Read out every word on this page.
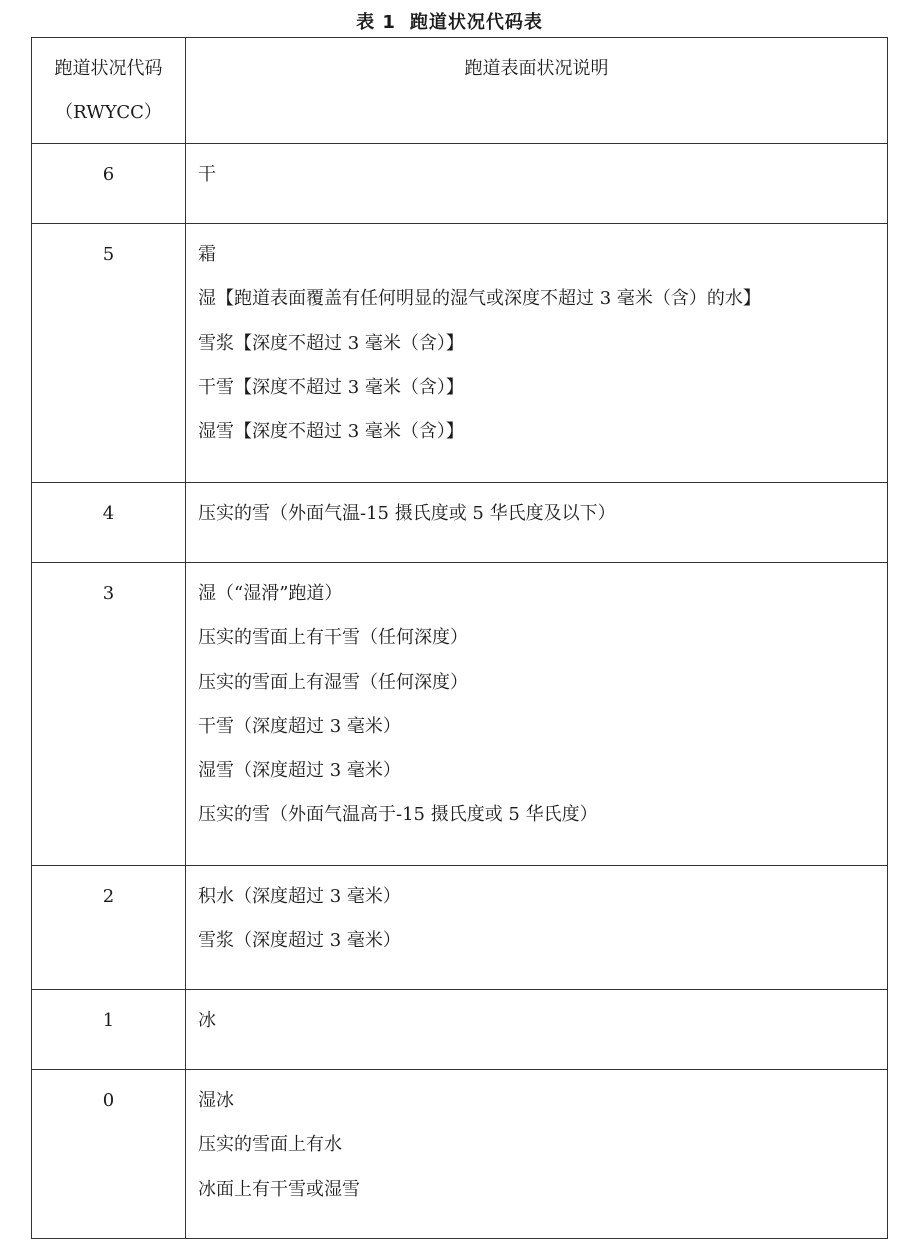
表 1 跑道状况代码表
跑道状况代码
（RWYCC）	跑道表面状况说明

6	干

5	霜
湿【跑道表面覆盖有任何明显的湿气或深度不超过 3 毫米（含）的水】
雪浆【深度不超过 3 毫米（含）】
干雪【深度不超过 3 毫米（含）】
湿雪【深度不超过 3 毫米（含）】

4	压实的雪（外面气温-15 摄氏度或 5 华氏度及以下）

3	湿（“湿滑”跑道）
压实的雪面上有干雪（任何深度）
压实的雪面上有湿雪（任何深度）
干雪（深度超过 3 毫米）
湿雪（深度超过 3 毫米）
压实的雪（外面气温高于-15 摄氏度或 5 华氏度）

2	积水（深度超过 3 毫米）
雪浆（深度超过 3 毫米）

1	冰

0	湿冰
压实的雪面上有水
冰面上有干雪或湿雪
